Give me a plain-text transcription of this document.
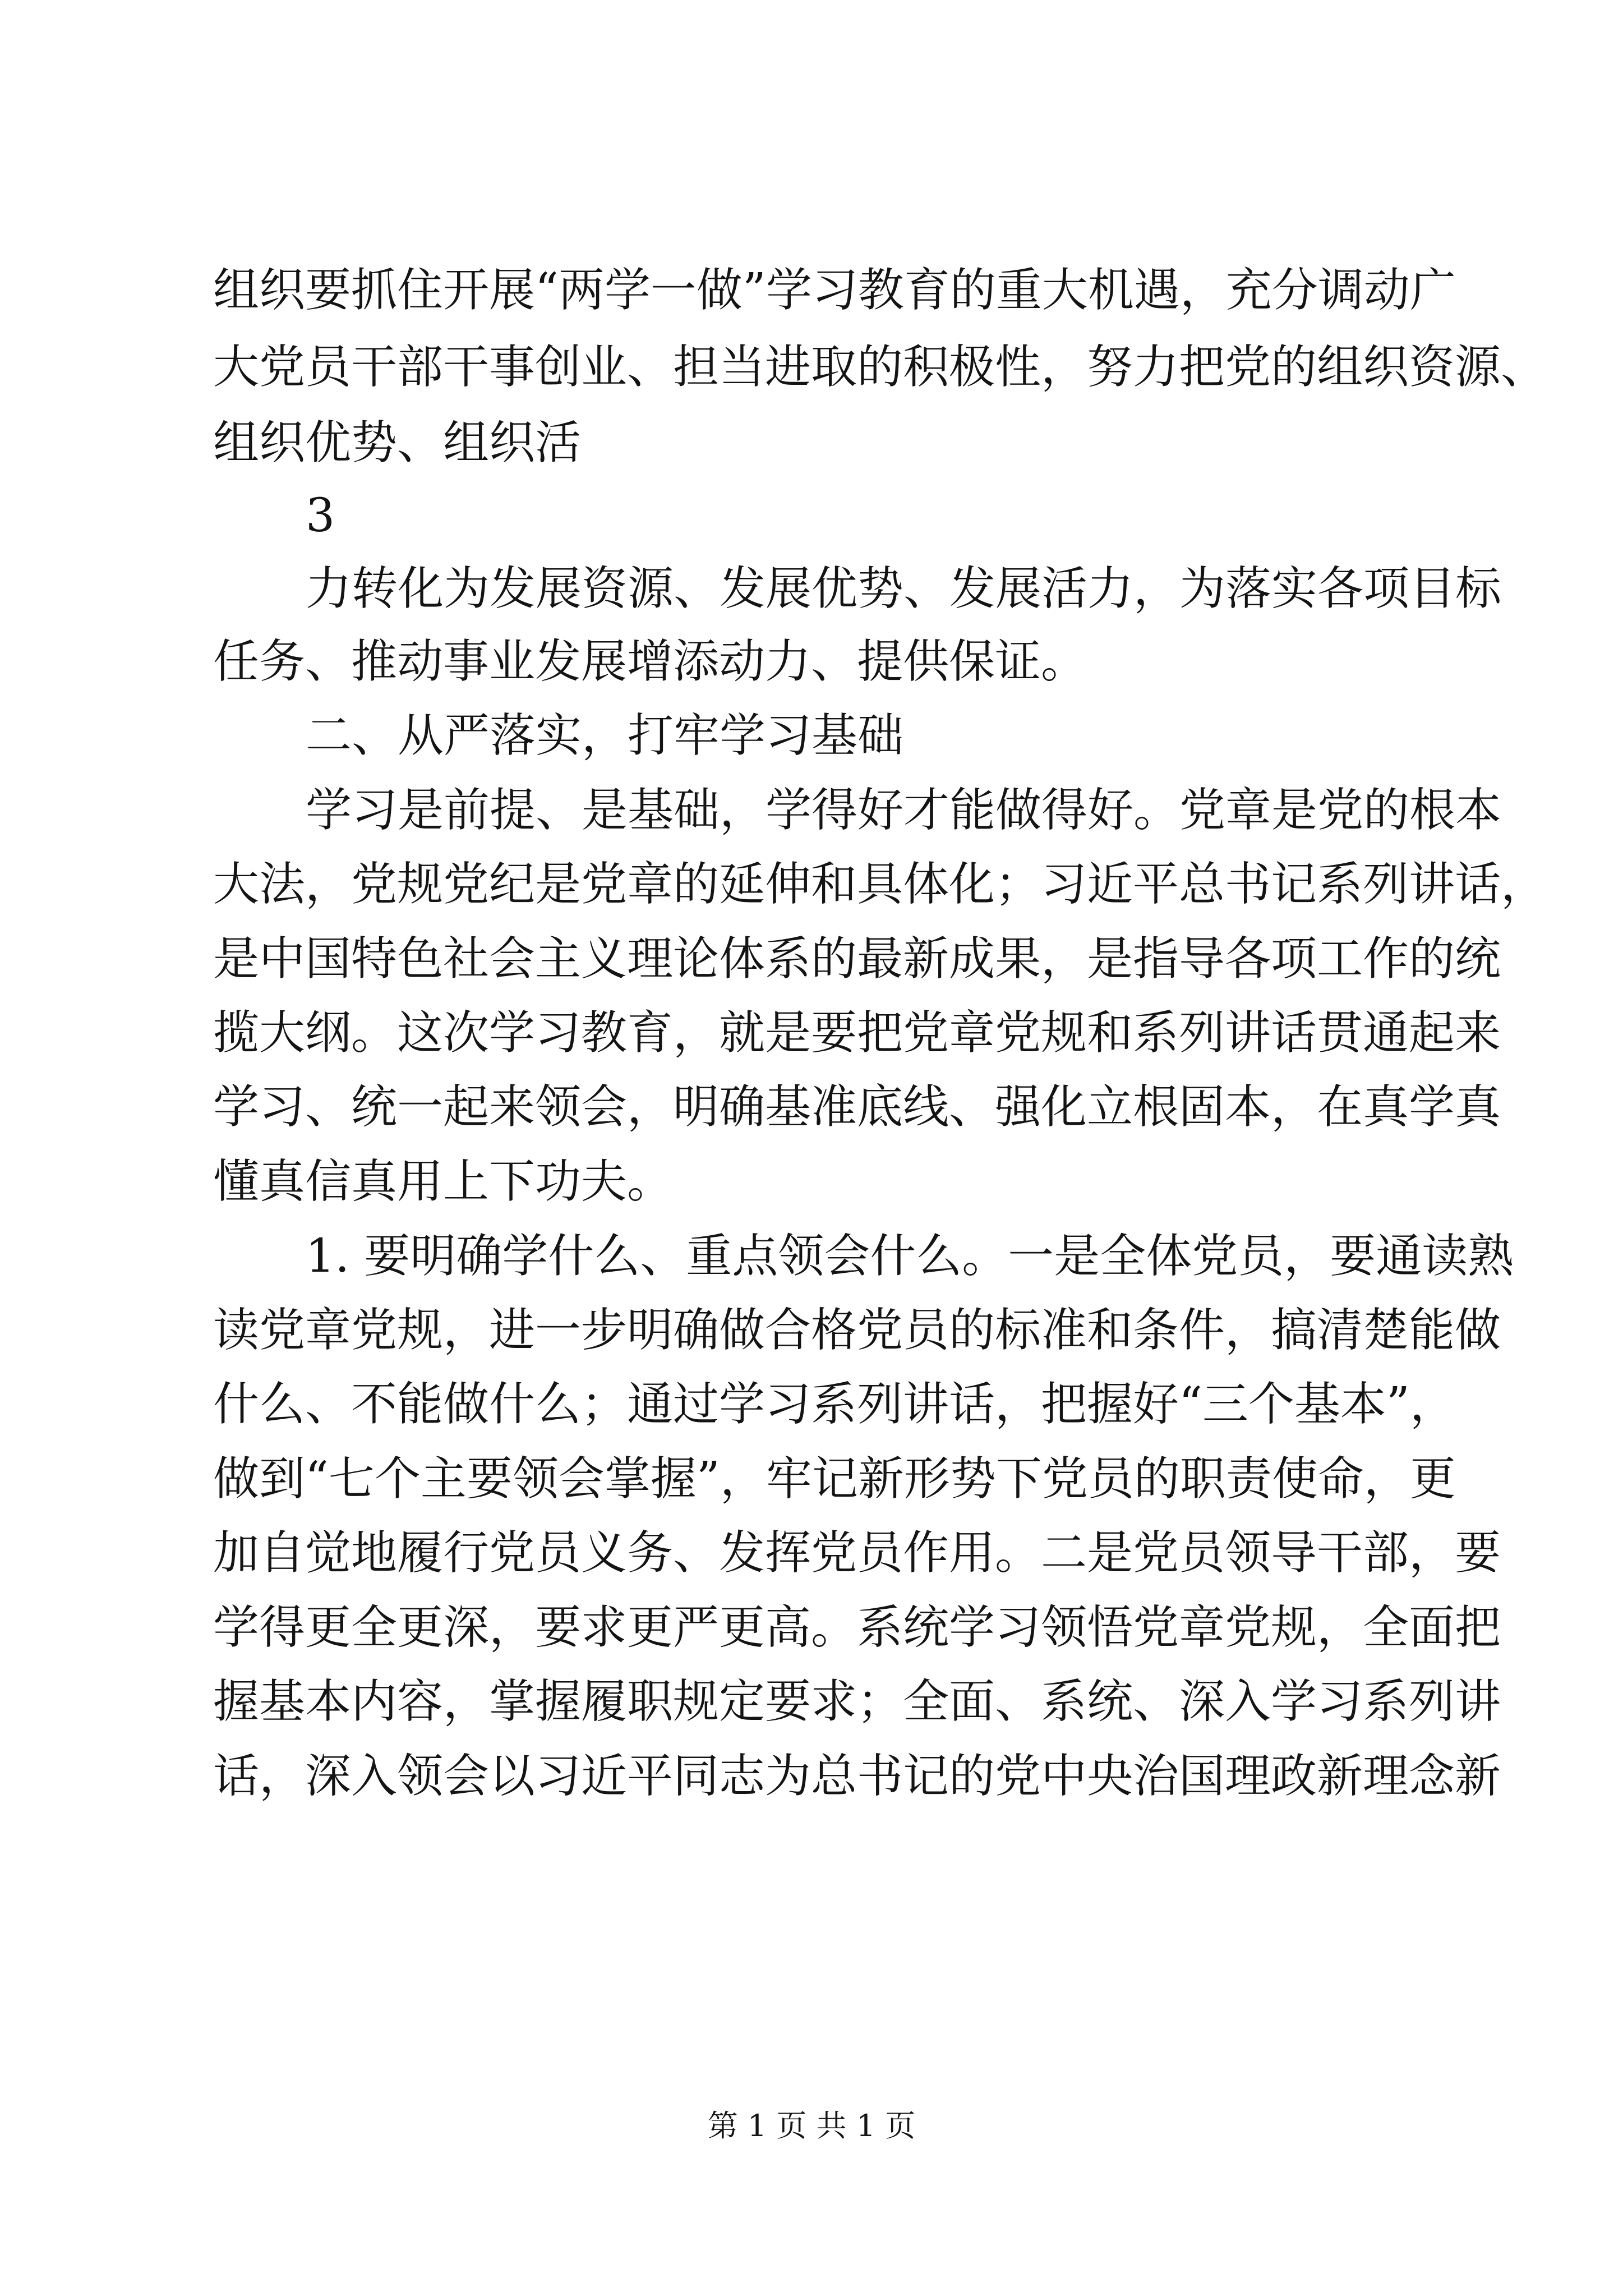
组织要抓住开展“两学一做”学习教育的重大机遇，充分调动广
大党员干部干事创业、担当进取的积极性，努力把党的组织资源、
组织优势、组织活
3
力转化为发展资源、发展优势、发展活力，为落实各项目标
任务、推动事业发展增添动力、提供保证。
二、从严落实，打牢学习基础
学习是前提、是基础，学得好才能做得好。党章是党的根本
大法，党规党纪是党章的延伸和具体化；习近平总书记系列讲话，
是中国特色社会主义理论体系的最新成果，是指导各项工作的统
揽大纲。这次学习教育，就是要把党章党规和系列讲话贯通起来
学习、统一起来领会，明确基准底线、强化立根固本，在真学真
懂真信真用上下功夫。
1. 要明确学什么、重点领会什么。一是全体党员，要通读熟
读党章党规，进一步明确做合格党员的标准和条件，搞清楚能做
什么、不能做什么；通过学习系列讲话，把握好“三个基本”，
做到“七个主要领会掌握”，牢记新形势下党员的职责使命，更
加自觉地履行党员义务、发挥党员作用。二是党员领导干部，要
学得更全更深，要求更严更高。系统学习领悟党章党规，全面把
握基本内容，掌握履职规定要求；全面、系统、深入学习系列讲
话，深入领会以习近平同志为总书记的党中央治国理政新理念新
第 1 页 共 1 页
